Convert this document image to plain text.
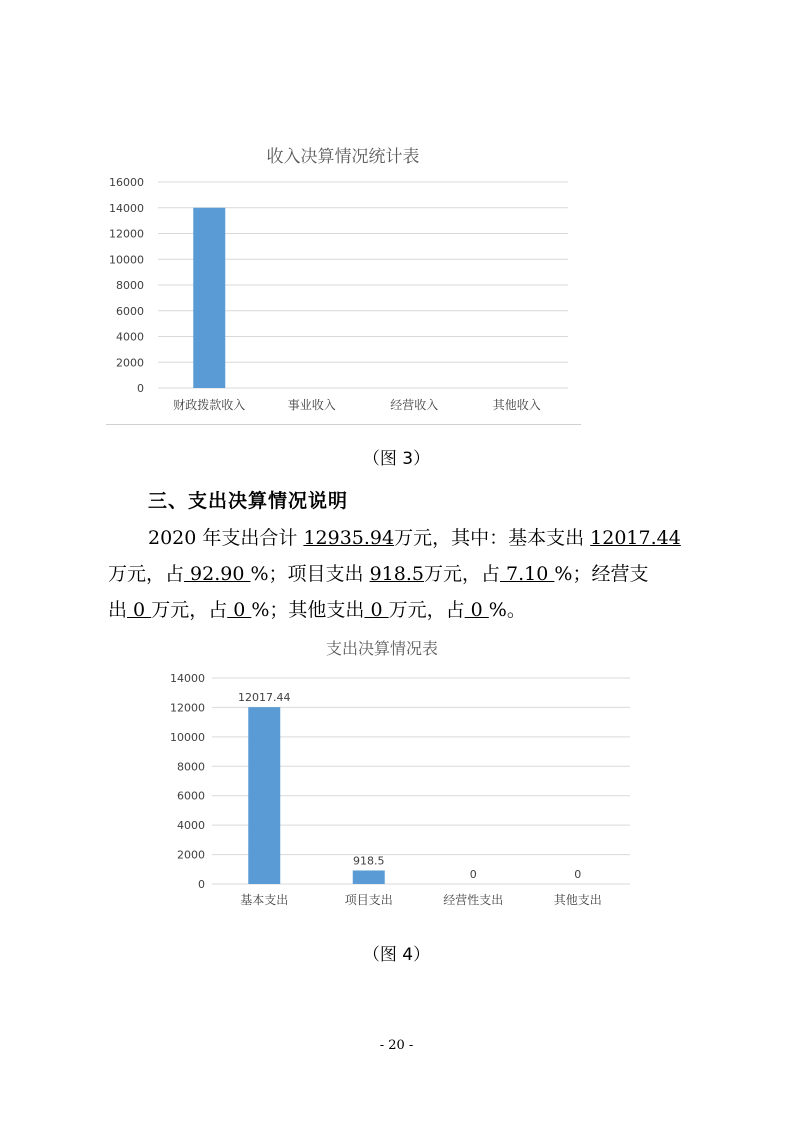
收入决算情况统计表
0
2000
4000
6000
8000
10000
12000
14000
16000
财政拨款收入	事业收入	经营收入	其他收入
（图 3）
三、支出决算情况说明
2020 年支出合计 12935.94万元，其中：基本支出 12017.44
万元，占 92.90 %；项目支出 918.5万元，占 7.10 %；经营支
出 0 万元，占 0 %；其他支出 0 万元，占 0 %。
支出决算情况表
0
2000
4000
6000
8000
10000
12000
14000
基本支出
12017.44
项目支出
918.5
经营性支出
0
其他支出
0
（图 4）
- 20 -
